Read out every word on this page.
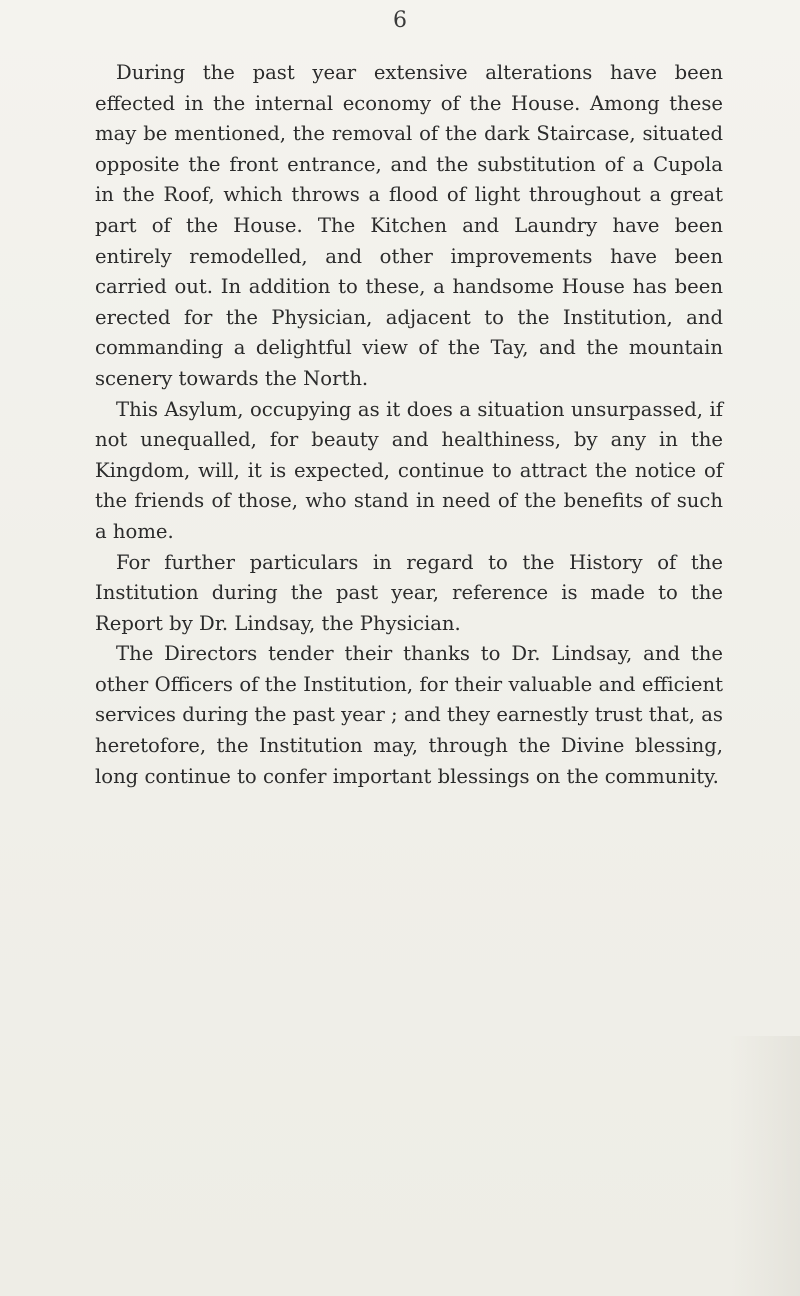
6

During the past year extensive alterations have been effected in the internal economy of the House. Among these may be mentioned, the removal of the dark Staircase, situated opposite the front entrance, and the substitution of a Cupola in the Roof, which throws a flood of light throughout a great part of the House. The Kitchen and Laundry have been entirely remodelled, and other improvements have been carried out. In addition to these, a handsome House has been erected for the Physician, adjacent to the Institution, and commanding a delightful view of the Tay, and the mountain scenery towards the North.

This Asylum, occupying as it does a situation unsurpassed, if not unequalled, for beauty and healthiness, by any in the Kingdom, will, it is expected, continue to attract the notice of the friends of those, who stand in need of the benefits of such a home.

For further particulars in regard to the History of the Institution during the past year, reference is made to the Report by Dr. Lindsay, the Physician.

The Directors tender their thanks to Dr. Lindsay, and the other Officers of the Institution, for their valuable and efficient services during the past year ; and they earnestly trust that, as heretofore, the Institution may, through the Divine blessing, long continue to confer important blessings on the community.
